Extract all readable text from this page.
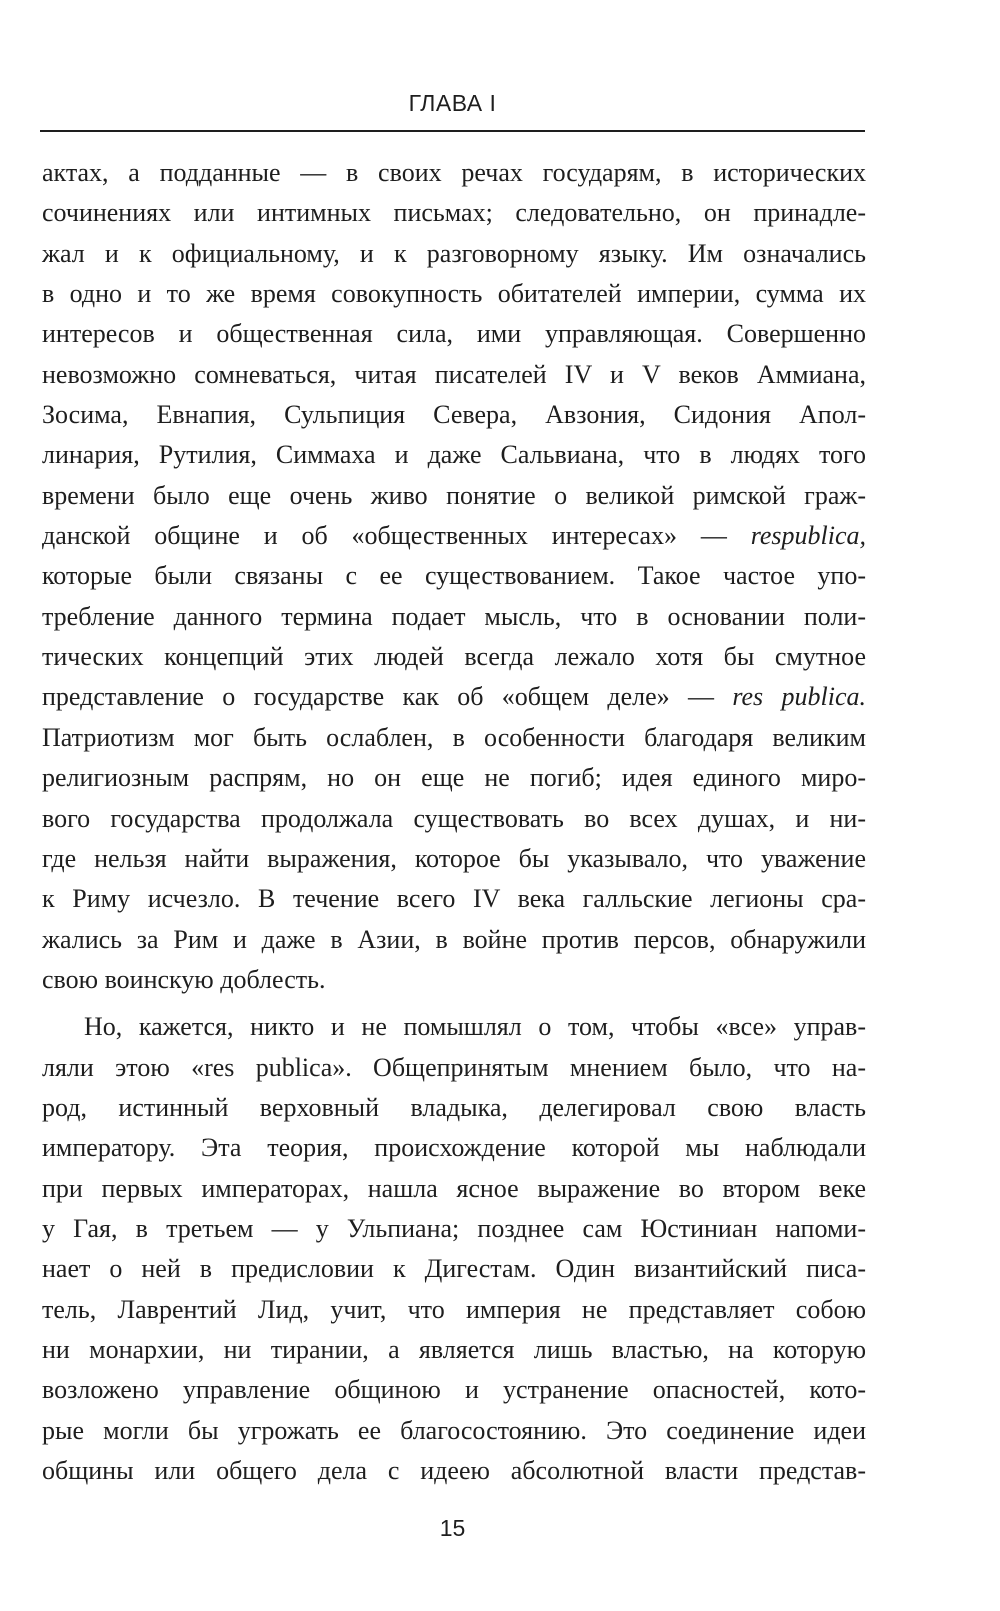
ГЛАВА I
актах, а подданные — в своих речах государям, в исторических
сочинениях или интимных письмах; следовательно, он принадле-
жал и к официальному, и к разговорному языку. Им означались
в одно и то же время совокупность обитателей империи, сумма их
интересов и общественная сила, ими управляющая. Совершенно
невозможно сомневаться, читая писателей IV и V веков Аммиана,
Зосима, Евнапия, Сульпиция Севера, Авзония, Сидония Апол-
линария, Рутилия, Симмаха и даже Сальвиана, что в людях того
времени было еще очень живо понятие о великой римской граж-
данской общине и об «общественных интересах» — respublica,
которые были связаны с ее существованием. Такое частое упо-
требление данного термина подает мысль, что в основании поли-
тических концепций этих людей всегда лежало хотя бы смутное
представление о государстве как об «общем деле» — res publica.
Патриотизм мог быть ослаблен, в особенности благодаря великим
религиозным распрям, но он еще не погиб; идея единого миро-
вого государства продолжала существовать во всех душах, и ни-
где нельзя найти выражения, которое бы указывало, что уважение
к Риму исчезло. В течение всего IV века галльские легионы сра-
жались за Рим и даже в Азии, в войне против персов, обнаружили
свою воинскую доблесть.
Но, кажется, никто и не помышлял о том, чтобы «все» управ-
ляли этою «res publica». Общепринятым мнением было, что на-
род, истинный верховный владыка, делегировал свою власть
императору. Эта теория, происхождение которой мы наблюдали
при первых императорах, нашла ясное выражение во втором веке
у Гая, в третьем — у Ульпиана; позднее сам Юстиниан напоми-
нает о ней в предисловии к Дигестам. Один византийский писа-
тель, Лаврентий Лид, учит, что империя не представляет собою
ни монархии, ни тирании, а является лишь властью, на которую
возложено управление общиною и устранение опасностей, кото-
рые могли бы угрожать ее благосостоянию. Это соединение идеи
общины или общего дела с идеею абсолютной власти представ-
15
